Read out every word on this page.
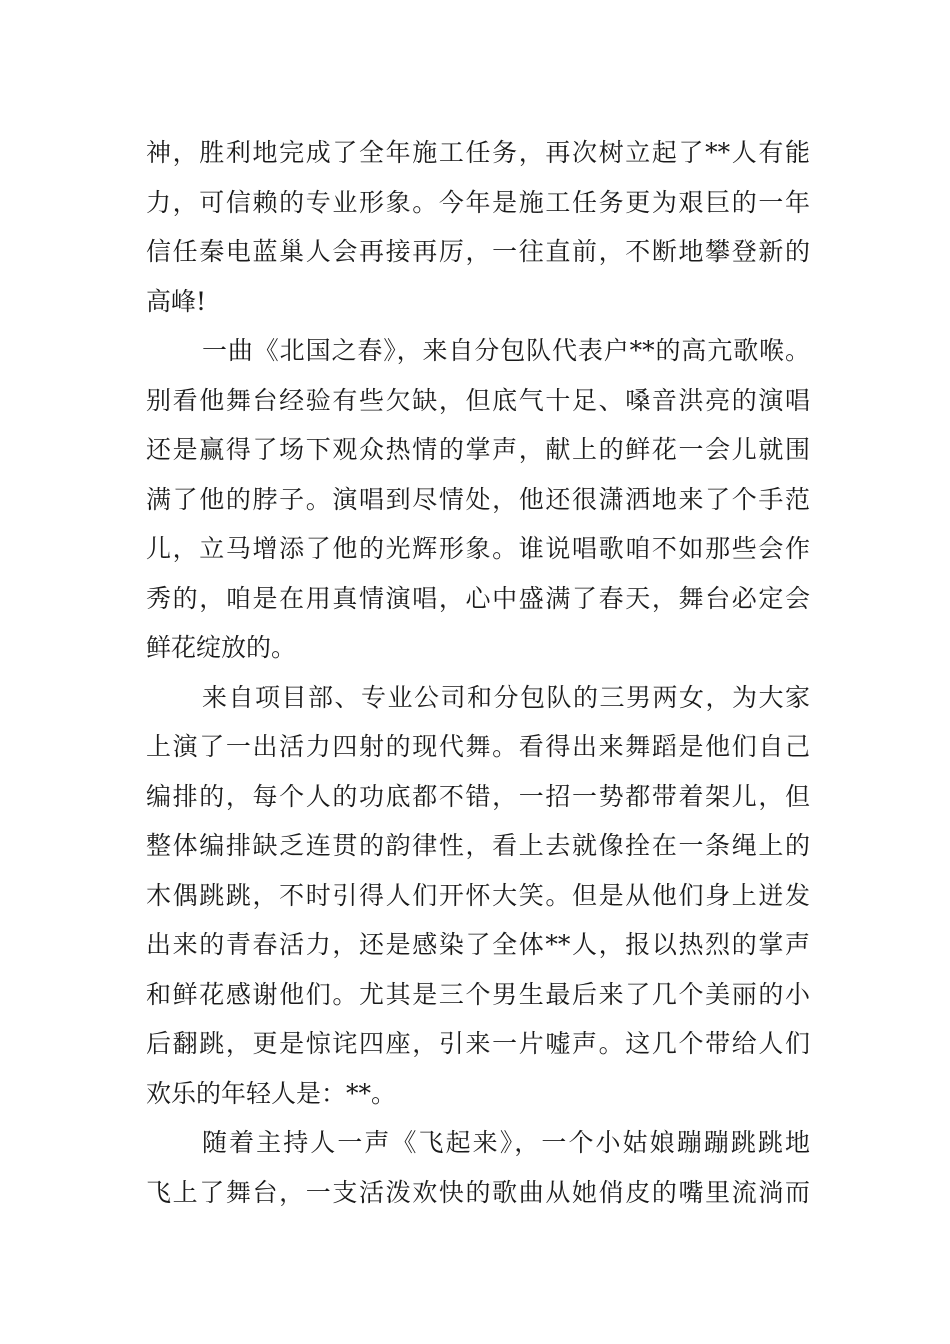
神，胜利地完成了全年施工任务，再次树立起了**人有能
力，可信赖的专业形象。今年是施工任务更为艰巨的一年
信任秦电蓝巢人会再接再厉，一往直前，不断地攀登新的
高峰!
一曲《北国之春》，来自分包队代表户**的高亢歌喉。
别看他舞台经验有些欠缺，但底气十足、嗓音洪亮的演唱
还是赢得了场下观众热情的掌声，献上的鲜花一会儿就围
满了他的脖子。演唱到尽情处，他还很潇洒地来了个手范
儿，立马增添了他的光辉形象。谁说唱歌咱不如那些会作
秀的，咱是在用真情演唱，心中盛满了春天，舞台必定会
鲜花绽放的。
来自项目部、专业公司和分包队的三男两女，为大家
上演了一出活力四射的现代舞。看得出来舞蹈是他们自己
编排的，每个人的功底都不错，一招一势都带着架儿，但
整体编排缺乏连贯的韵律性，看上去就像拴在一条绳上的
木偶跳跳，不时引得人们开怀大笑。但是从他们身上迸发
出来的青春活力，还是感染了全体**人，报以热烈的掌声
和鲜花感谢他们。尤其是三个男生最后来了几个美丽的小
后翻跳，更是惊诧四座，引来一片嘘声。这几个带给人们
欢乐的年轻人是：**。
随着主持人一声《飞起来》，一个小姑娘蹦蹦跳跳地
飞上了舞台，一支活泼欢快的歌曲从她俏皮的嘴里流淌而
